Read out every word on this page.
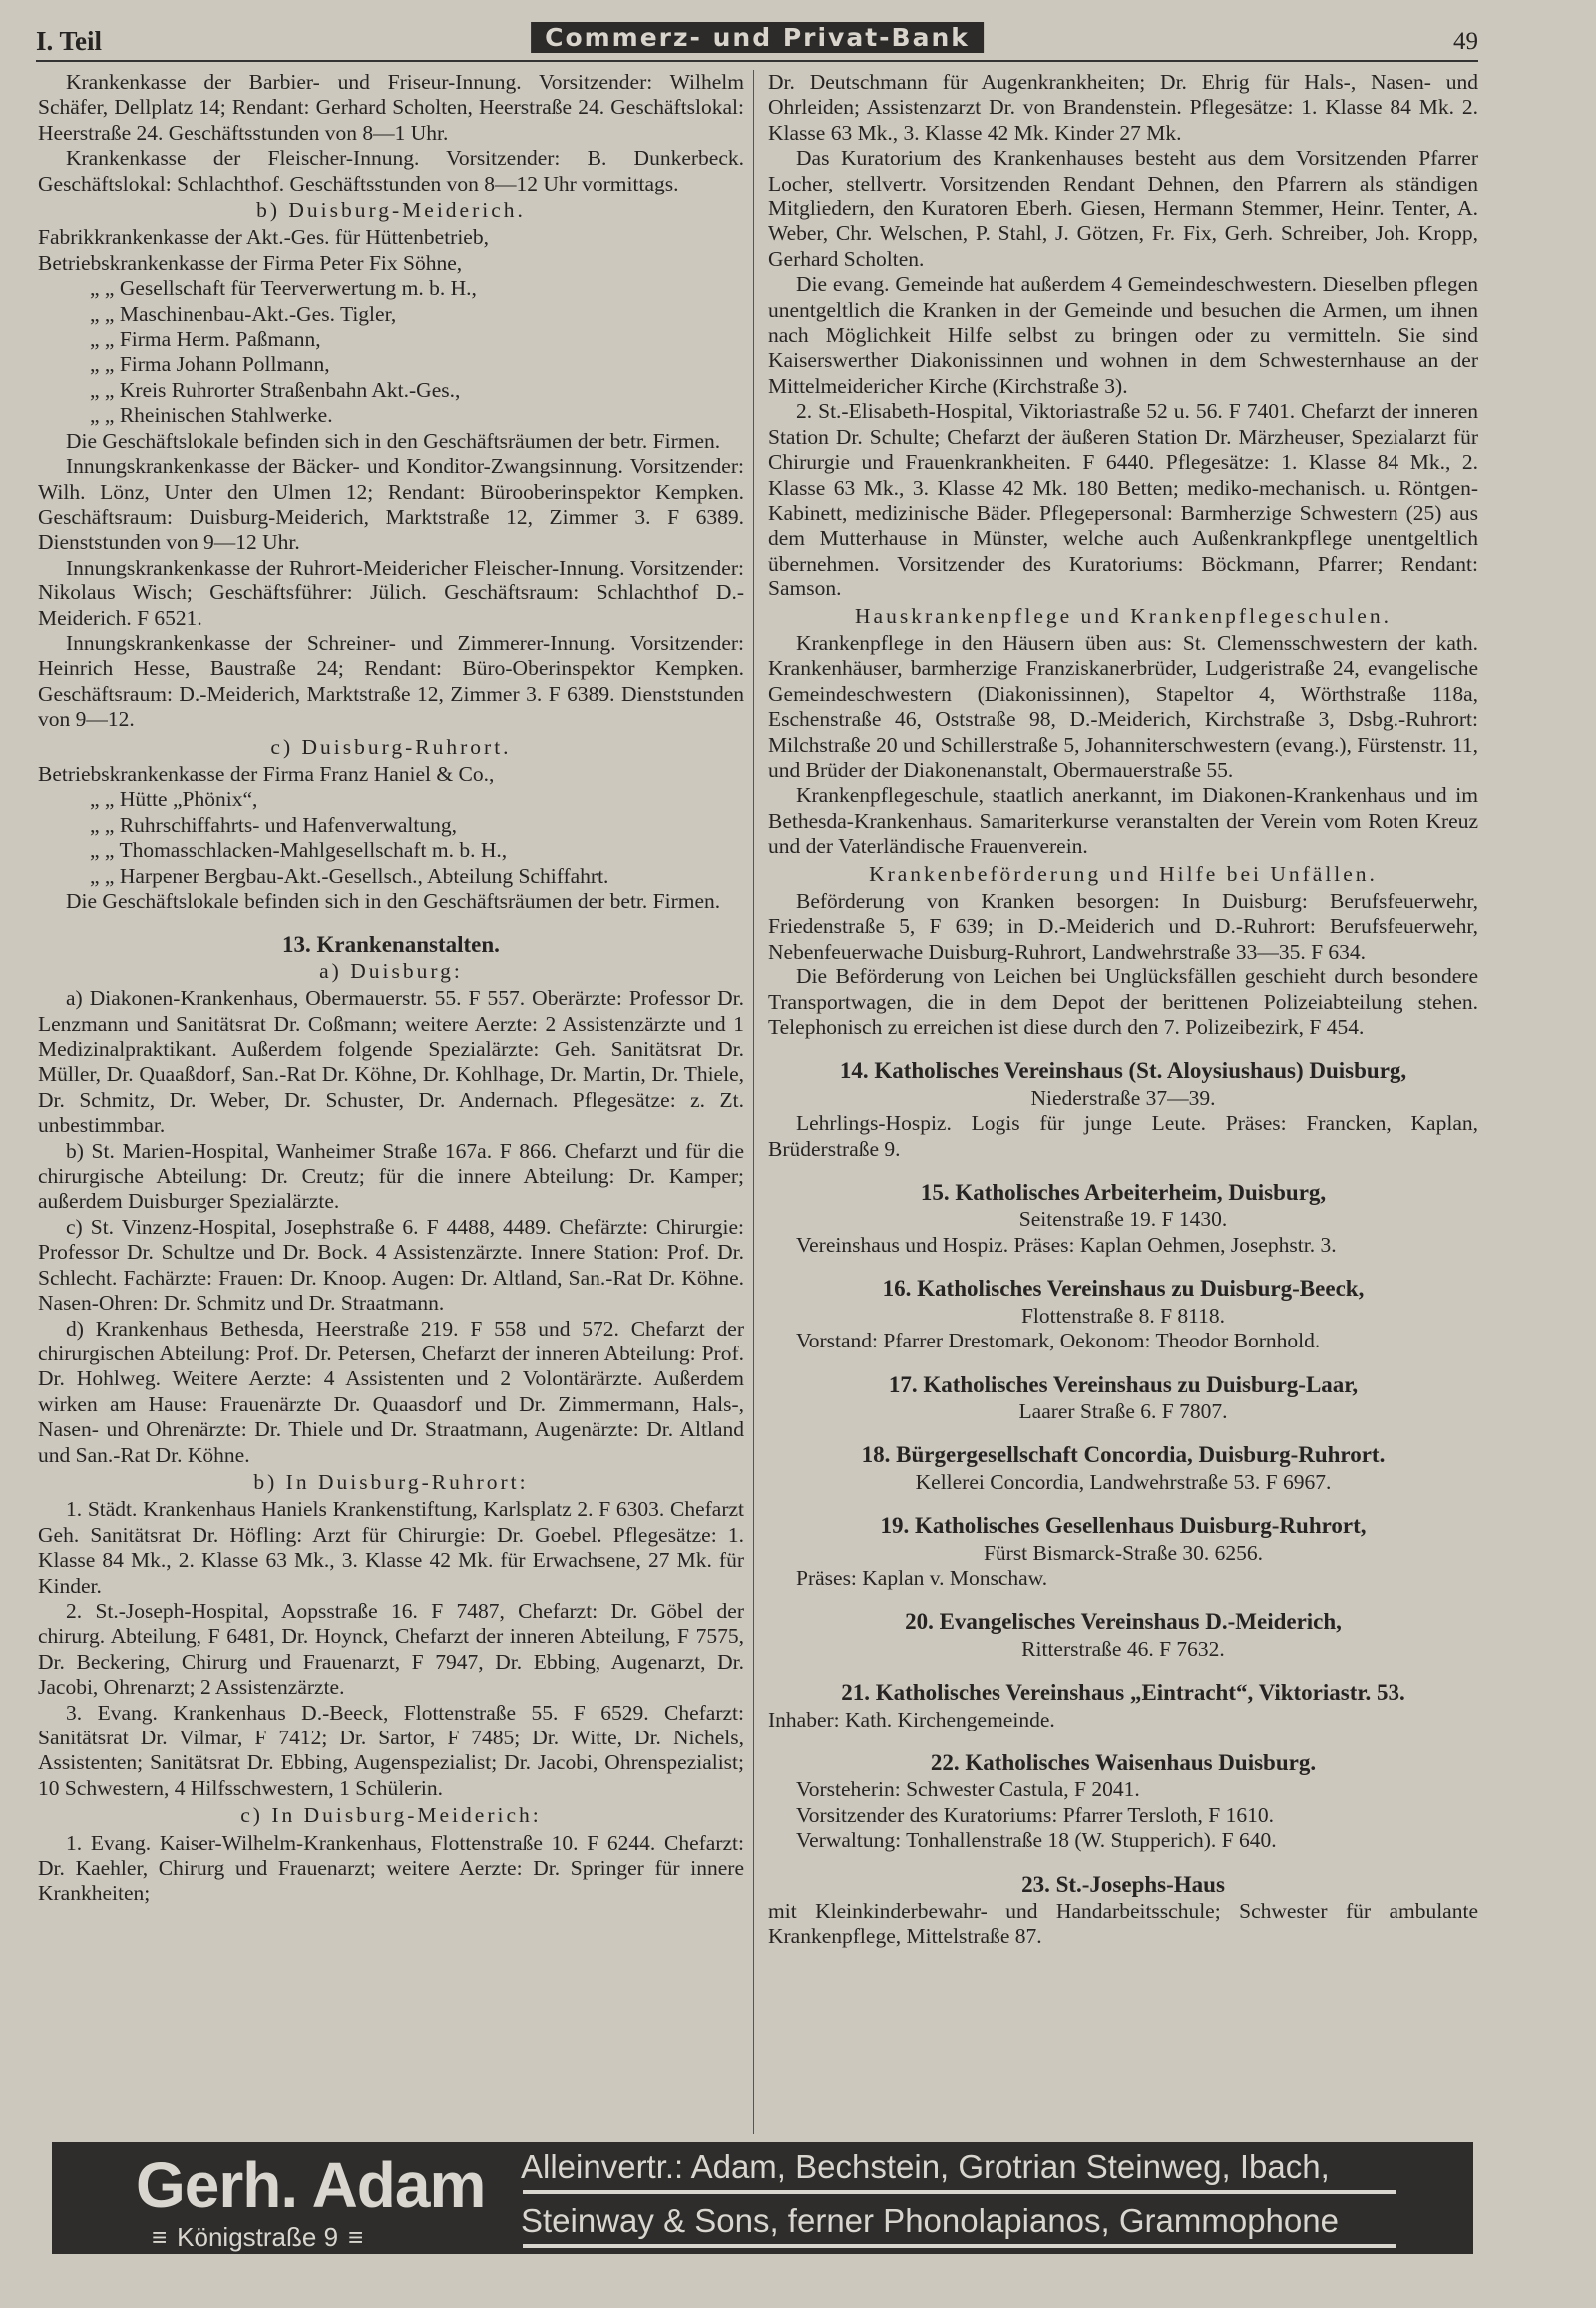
I. Teil	Commerz- und Privat-Bank	49

Krankenkasse der Barbier- und Friseur-Innung. Vorsitzender: Wilhelm Schäfer, Dellplatz 14; Rendant: Gerhard Scholten, Heerstraße 24. Geschäftslokal: Heerstraße 24. Geschäftsstunden von 8—1 Uhr.

Krankenkasse der Fleischer-Innung. Vorsitzender: B. Dunkerbeck. Geschäftslokal: Schlachthof. Geschäftsstunden von 8—12 Uhr vormittags.

b) Duisburg-Meiderich.

Fabrikkrankenkasse der Akt.-Ges. für Hüttenbetrieb,

Betriebskrankenkasse der Firma Peter Fix Söhne,

„ „ Gesellschaft für Teerverwertung m. b. H.,

„ „ Maschinenbau-Akt.-Ges. Tigler,

„ „ Firma Herm. Paßmann,

„ „ Firma Johann Pollmann,

„ „ Kreis Ruhrorter Straßenbahn Akt.-Ges.,

„ „ Rheinischen Stahlwerke.

Die Geschäftslokale befinden sich in den Geschäftsräumen der betr. Firmen.

Innungskrankenkasse der Bäcker- und Konditor-Zwangsinnung. Vorsitzender: Wilh. Lönz, Unter den Ulmen 12; Rendant: Bürooberinspektor Kempken. Geschäftsraum: Duisburg-Meiderich, Marktstraße 12, Zimmer 3. F 6389. Dienststunden von 9—12 Uhr.

Innungskrankenkasse der Ruhrort-Meidericher Fleischer-Innung. Vorsitzender: Nikolaus Wisch; Geschäftsführer: Jülich. Geschäftsraum: Schlachthof D.-Meiderich. F 6521.

Innungskrankenkasse der Schreiner- und Zimmerer-Innung. Vorsitzender: Heinrich Hesse, Baustraße 24; Rendant: Büro-Oberinspektor Kempken. Geschäftsraum: D.-Meiderich, Marktstraße 12, Zimmer 3. F 6389. Dienststunden von 9—12.

c) Duisburg-Ruhrort.

Betriebskrankenkasse der Firma Franz Haniel & Co.,

„ „ Hütte „Phönix“,

„ „ Ruhrschiffahrts- und Hafenverwaltung,

„ „ Thomasschlacken-Mahlgesellschaft m. b. H.,

„ „ Harpener Bergbau-Akt.-Gesellsch., Abteilung Schiffahrt.

Die Geschäftslokale befinden sich in den Geschäftsräumen der betr. Firmen.

13. Krankenanstalten.

a) Duisburg:

a) Diakonen-Krankenhaus, Obermauerstr. 55. F 557. Oberärzte: Professor Dr. Lenzmann und Sanitätsrat Dr. Coßmann; weitere Aerzte: 2 Assistenzärzte und 1 Medizinalpraktikant. Außerdem folgende Spezialärzte: Geh. Sanitätsrat Dr. Müller, Dr. Quaaßdorf, San.-Rat Dr. Köhne, Dr. Kohlhage, Dr. Martin, Dr. Thiele, Dr. Schmitz, Dr. Weber, Dr. Schuster, Dr. Andernach. Pflegesätze: z. Zt. unbestimmbar.

b) St. Marien-Hospital, Wanheimer Straße 167a. F 866. Chefarzt und für die chirurgische Abteilung: Dr. Creutz; für die innere Abteilung: Dr. Kamper; außerdem Duisburger Spezialärzte.

c) St. Vinzenz-Hospital, Josephstraße 6. F 4488, 4489. Chefärzte: Chirurgie: Professor Dr. Schultze und Dr. Bock. 4 Assistenzärzte. Innere Station: Prof. Dr. Schlecht. Fachärzte: Frauen: Dr. Knoop. Augen: Dr. Altland, San.-Rat Dr. Köhne. Nasen-Ohren: Dr. Schmitz und Dr. Straatmann.

d) Krankenhaus Bethesda, Heerstraße 219. F 558 und 572. Chefarzt der chirurgischen Abteilung: Prof. Dr. Petersen, Chefarzt der inneren Abteilung: Prof. Dr. Hohlweg. Weitere Aerzte: 4 Assistenten und 2 Volontärärzte. Außerdem wirken am Hause: Frauenärzte Dr. Quaasdorf und Dr. Zimmermann, Hals-, Nasen- und Ohrenärzte: Dr. Thiele und Dr. Straatmann, Augenärzte: Dr. Altland und San.-Rat Dr. Köhne.

b) In Duisburg-Ruhrort:

1. Städt. Krankenhaus Haniels Krankenstiftung, Karlsplatz 2. F 6303. Chefarzt Geh. Sanitätsrat Dr. Höfling: Arzt für Chirurgie: Dr. Goebel. Pflegesätze: 1. Klasse 84 Mk., 2. Klasse 63 Mk., 3. Klasse 42 Mk. für Erwachsene, 27 Mk. für Kinder.

2. St.-Joseph-Hospital, Aopsstraße 16. F 7487, Chefarzt: Dr. Göbel der chirurg. Abteilung, F 6481, Dr. Hoynck, Chefarzt der inneren Abteilung, F 7575, Dr. Beckering, Chirurg und Frauenarzt, F 7947, Dr. Ebbing, Augenarzt, Dr. Jacobi, Ohrenarzt; 2 Assistenzärzte.

3. Evang. Krankenhaus D.-Beeck, Flottenstraße 55. F 6529. Chefarzt: Sanitätsrat Dr. Vilmar, F 7412; Dr. Sartor, F 7485; Dr. Witte, Dr. Nichels, Assistenten; Sanitätsrat Dr. Ebbing, Augenspezialist; Dr. Jacobi, Ohrenspezialist; 10 Schwestern, 4 Hilfsschwestern, 1 Schülerin.

c) In Duisburg-Meiderich:

1. Evang. Kaiser-Wilhelm-Krankenhaus, Flottenstraße 10. F 6244. Chefarzt: Dr. Kaehler, Chirurg und Frauenarzt; weitere Aerzte: Dr. Springer für innere Krankheiten;

Dr. Deutschmann für Augenkrankheiten; Dr. Ehrig für Hals-, Nasen- und Ohrleiden; Assistenzarzt Dr. von Brandenstein. Pflegesätze: 1. Klasse 84 Mk. 2. Klasse 63 Mk., 3. Klasse 42 Mk. Kinder 27 Mk.

Das Kuratorium des Krankenhauses besteht aus dem Vorsitzenden Pfarrer Locher, stellvertr. Vorsitzenden Rendant Dehnen, den Pfarrern als ständigen Mitgliedern, den Kuratoren Eberh. Giesen, Hermann Stemmer, Heinr. Tenter, A. Weber, Chr. Welschen, P. Stahl, J. Götzen, Fr. Fix, Gerh. Schreiber, Joh. Kropp, Gerhard Scholten.

Die evang. Gemeinde hat außerdem 4 Gemeindeschwestern. Dieselben pflegen unentgeltlich die Kranken in der Gemeinde und besuchen die Armen, um ihnen nach Möglichkeit Hilfe selbst zu bringen oder zu vermitteln. Sie sind Kaiserswerther Diakonissinnen und wohnen in dem Schwesternhause an der Mittelmeidericher Kirche (Kirchstraße 3).

2. St.-Elisabeth-Hospital, Viktoriastraße 52 u. 56. F 7401. Chefarzt der inneren Station Dr. Schulte; Chefarzt der äußeren Station Dr. Märzheuser, Spezialarzt für Chirurgie und Frauenkrankheiten. F 6440. Pflegesätze: 1. Klasse 84 Mk., 2. Klasse 63 Mk., 3. Klasse 42 Mk. 180 Betten; mediko-mechanisch. u. Röntgen-Kabinett, medizinische Bäder. Pflegepersonal: Barmherzige Schwestern (25) aus dem Mutterhause in Münster, welche auch Außenkrankpflege unentgeltlich übernehmen. Vorsitzender des Kuratoriums: Böckmann, Pfarrer; Rendant: Samson.

Hauskrankenpflege und Krankenpflegeschulen.

Krankenpflege in den Häusern üben aus: St. Clemensschwestern der kath. Krankenhäuser, barmherzige Franziskanerbrüder, Ludgeristraße 24, evangelische Gemeindeschwestern (Diakonissinnen), Stapeltor 4, Wörthstraße 118a, Eschenstraße 46, Oststraße 98, D.-Meiderich, Kirchstraße 3, Dsbg.-Ruhrort: Milchstraße 20 und Schillerstraße 5, Johanniterschwestern (evang.), Fürstenstr. 11, und Brüder der Diakonenanstalt, Obermauerstraße 55.

Krankenpflegeschule, staatlich anerkannt, im Diakonen-Krankenhaus und im Bethesda-Krankenhaus. Samariterkurse veranstalten der Verein vom Roten Kreuz und der Vaterländische Frauenverein.

Krankenbeförderung und Hilfe bei Unfällen.

Beförderung von Kranken besorgen: In Duisburg: Berufsfeuerwehr, Friedenstraße 5, F 639; in D.-Meiderich und D.-Ruhrort: Berufsfeuerwehr, Nebenfeuerwache Duisburg-Ruhrort, Landwehrstraße 33—35. F 634.

Die Beförderung von Leichen bei Unglücksfällen geschieht durch besondere Transportwagen, die in dem Depot der berittenen Polizeiabteilung stehen. Telephonisch zu erreichen ist diese durch den 7. Polizeibezirk, F 454.

14. Katholisches Vereinshaus (St. Aloysiushaus) Duisburg,

Niederstraße 37—39.

Lehrlings-Hospiz. Logis für junge Leute. Präses: Francken, Kaplan, Brüderstraße 9.

15. Katholisches Arbeiterheim, Duisburg,

Seitenstraße 19. F 1430.

Vereinshaus und Hospiz. Präses: Kaplan Oehmen, Josephstr. 3.

16. Katholisches Vereinshaus zu Duisburg-Beeck,

Flottenstraße 8. F 8118.

Vorstand: Pfarrer Drestomark, Oekonom: Theodor Bornhold.

17. Katholisches Vereinshaus zu Duisburg-Laar,

Laarer Straße 6. F 7807.

18. Bürgergesellschaft Concordia, Duisburg-Ruhrort.

Kellerei Concordia, Landwehrstraße 53. F 6967.

19. Katholisches Gesellenhaus Duisburg-Ruhrort,

Fürst Bismarck-Straße 30. 6256.

Präses: Kaplan v. Monschaw.

20. Evangelisches Vereinshaus D.-Meiderich,

Ritterstraße 46. F 7632.

21. Katholisches Vereinshaus „Eintracht“, Viktoriastr. 53.

Inhaber: Kath. Kirchengemeinde.

22. Katholisches Waisenhaus Duisburg.

Vorsteherin: Schwester Castula, F 2041.

Vorsitzender des Kuratoriums: Pfarrer Tersloth, F 1610.

Verwaltung: Tonhallenstraße 18 (W. Stupperich). F 640.

23. St.-Josephs-Haus

mit Kleinkinderbewahr- und Handarbeitsschule; Schwester für ambulante Krankenpflege, Mittelstraße 87.

Gerh. Adam
≡ Königstraße 9 ≡
Alleinvertr.: Adam, Bechstein, Grotrian Steinweg, Ibach,
Steinway & Sons, ferner Phonolapianos, Grammophone
